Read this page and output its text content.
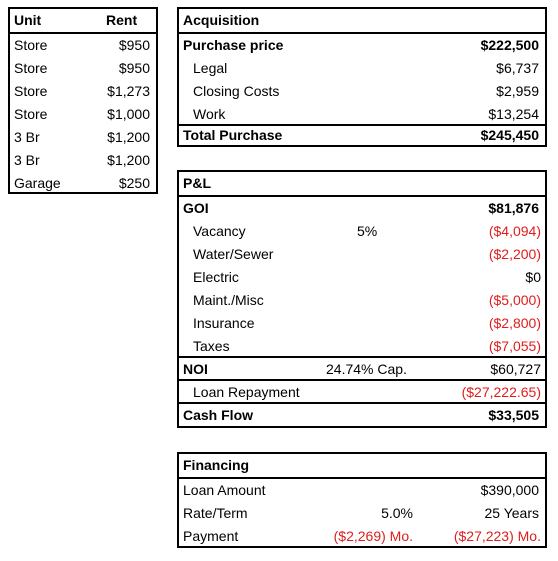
Unit	Rent
Store	$950
Store	$950
Store	$1,273
Store	$1,000
3 Br	$1,200
3 Br	$1,200
Garage	$250
Acquisition
Purchase price	$222,500
Legal	$6,737
Closing Costs	$2,959
Work	$13,254
Total Purchase	$245,450
P&L
GOI	$81,876
Vacancy	5%	($4,094)
Water/Sewer	($2,200)
Electric	$0
Maint./Misc	($5,000)
Insurance	($2,800)
Taxes	($7,055)
NOI	24.74% Cap.	$60,727
Loan Repayment	($27,222.65)
Cash Flow	$33,505
Financing
Loan Amount	$390,000
Rate/Term	5.0%	25 Years
Payment	($2,269) Mo.	($27,223) Mo.
